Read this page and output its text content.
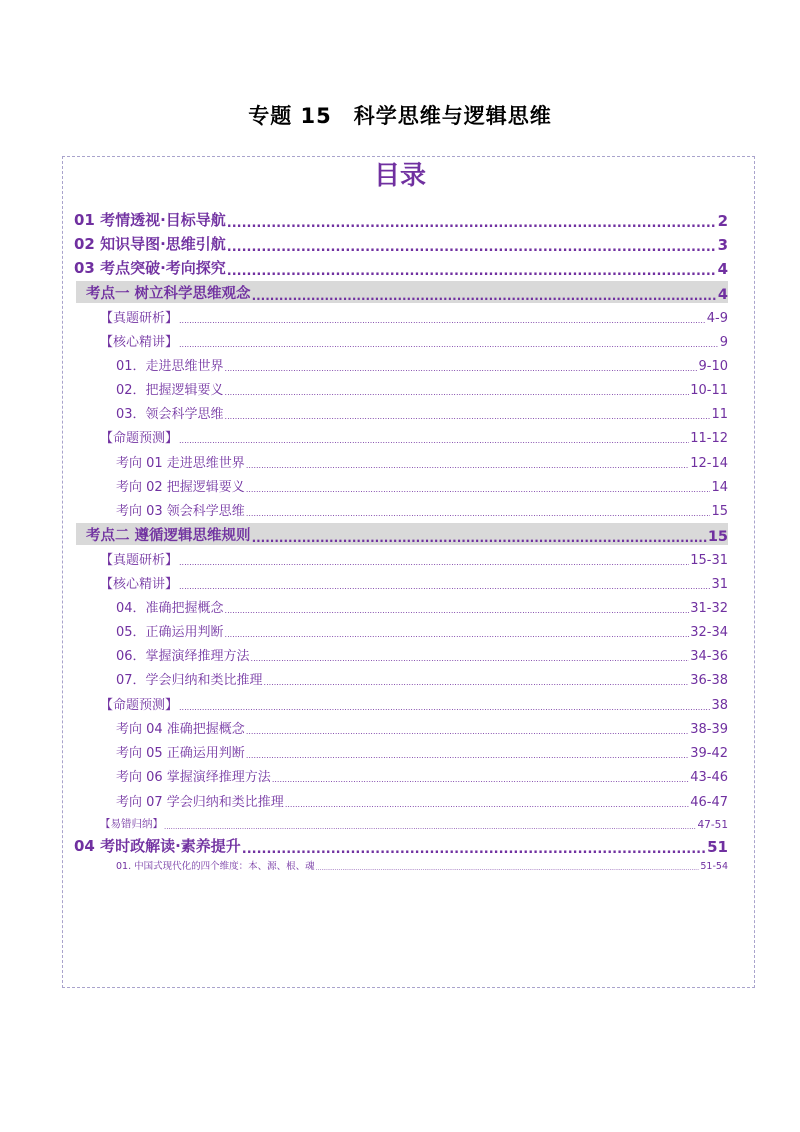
专题 15　科学思维与逻辑思维
目录
01 考情透视·目标导航 .....	2
02 知识导图·思维引航 .....	3
03 考点突破·考向探究 .....	4
考点一 树立科学思维观念 .....	4
【真题研析】 .....	4-9
【核心精讲】 .....	9
01．走进思维世界 .....	9-10
02．把握逻辑要义 .....	10-11
03．领会科学思维 .....	11
【命题预测】 .....	11-12
考向 01 走进思维世界 .....	12-14
考向 02 把握逻辑要义 .....	14
考向 03 领会科学思维 .....	15
考点二 遵循逻辑思维规则 .....	15
【真题研析】 .....	15-31
【核心精讲】 .....	31
04．准确把握概念 .....	31-32
05．正确运用判断 .....	32-34
06．掌握演绎推理方法 .....	34-36
07．学会归纳和类比推理 .....	36-38
【命题预测】 .....	38
考向 04 准确把握概念 .....	38-39
考向 05 正确运用判断 .....	39-42
考向 06 掌握演绎推理方法 .....	43-46
考向 07 学会归纳和类比推理 .....	46-47
【易错归纳】 .....	47-51
04 考时政解读·素养提升 .....	51
01. 中国式现代化的四个维度：本、源、根、魂 .....	51-54
